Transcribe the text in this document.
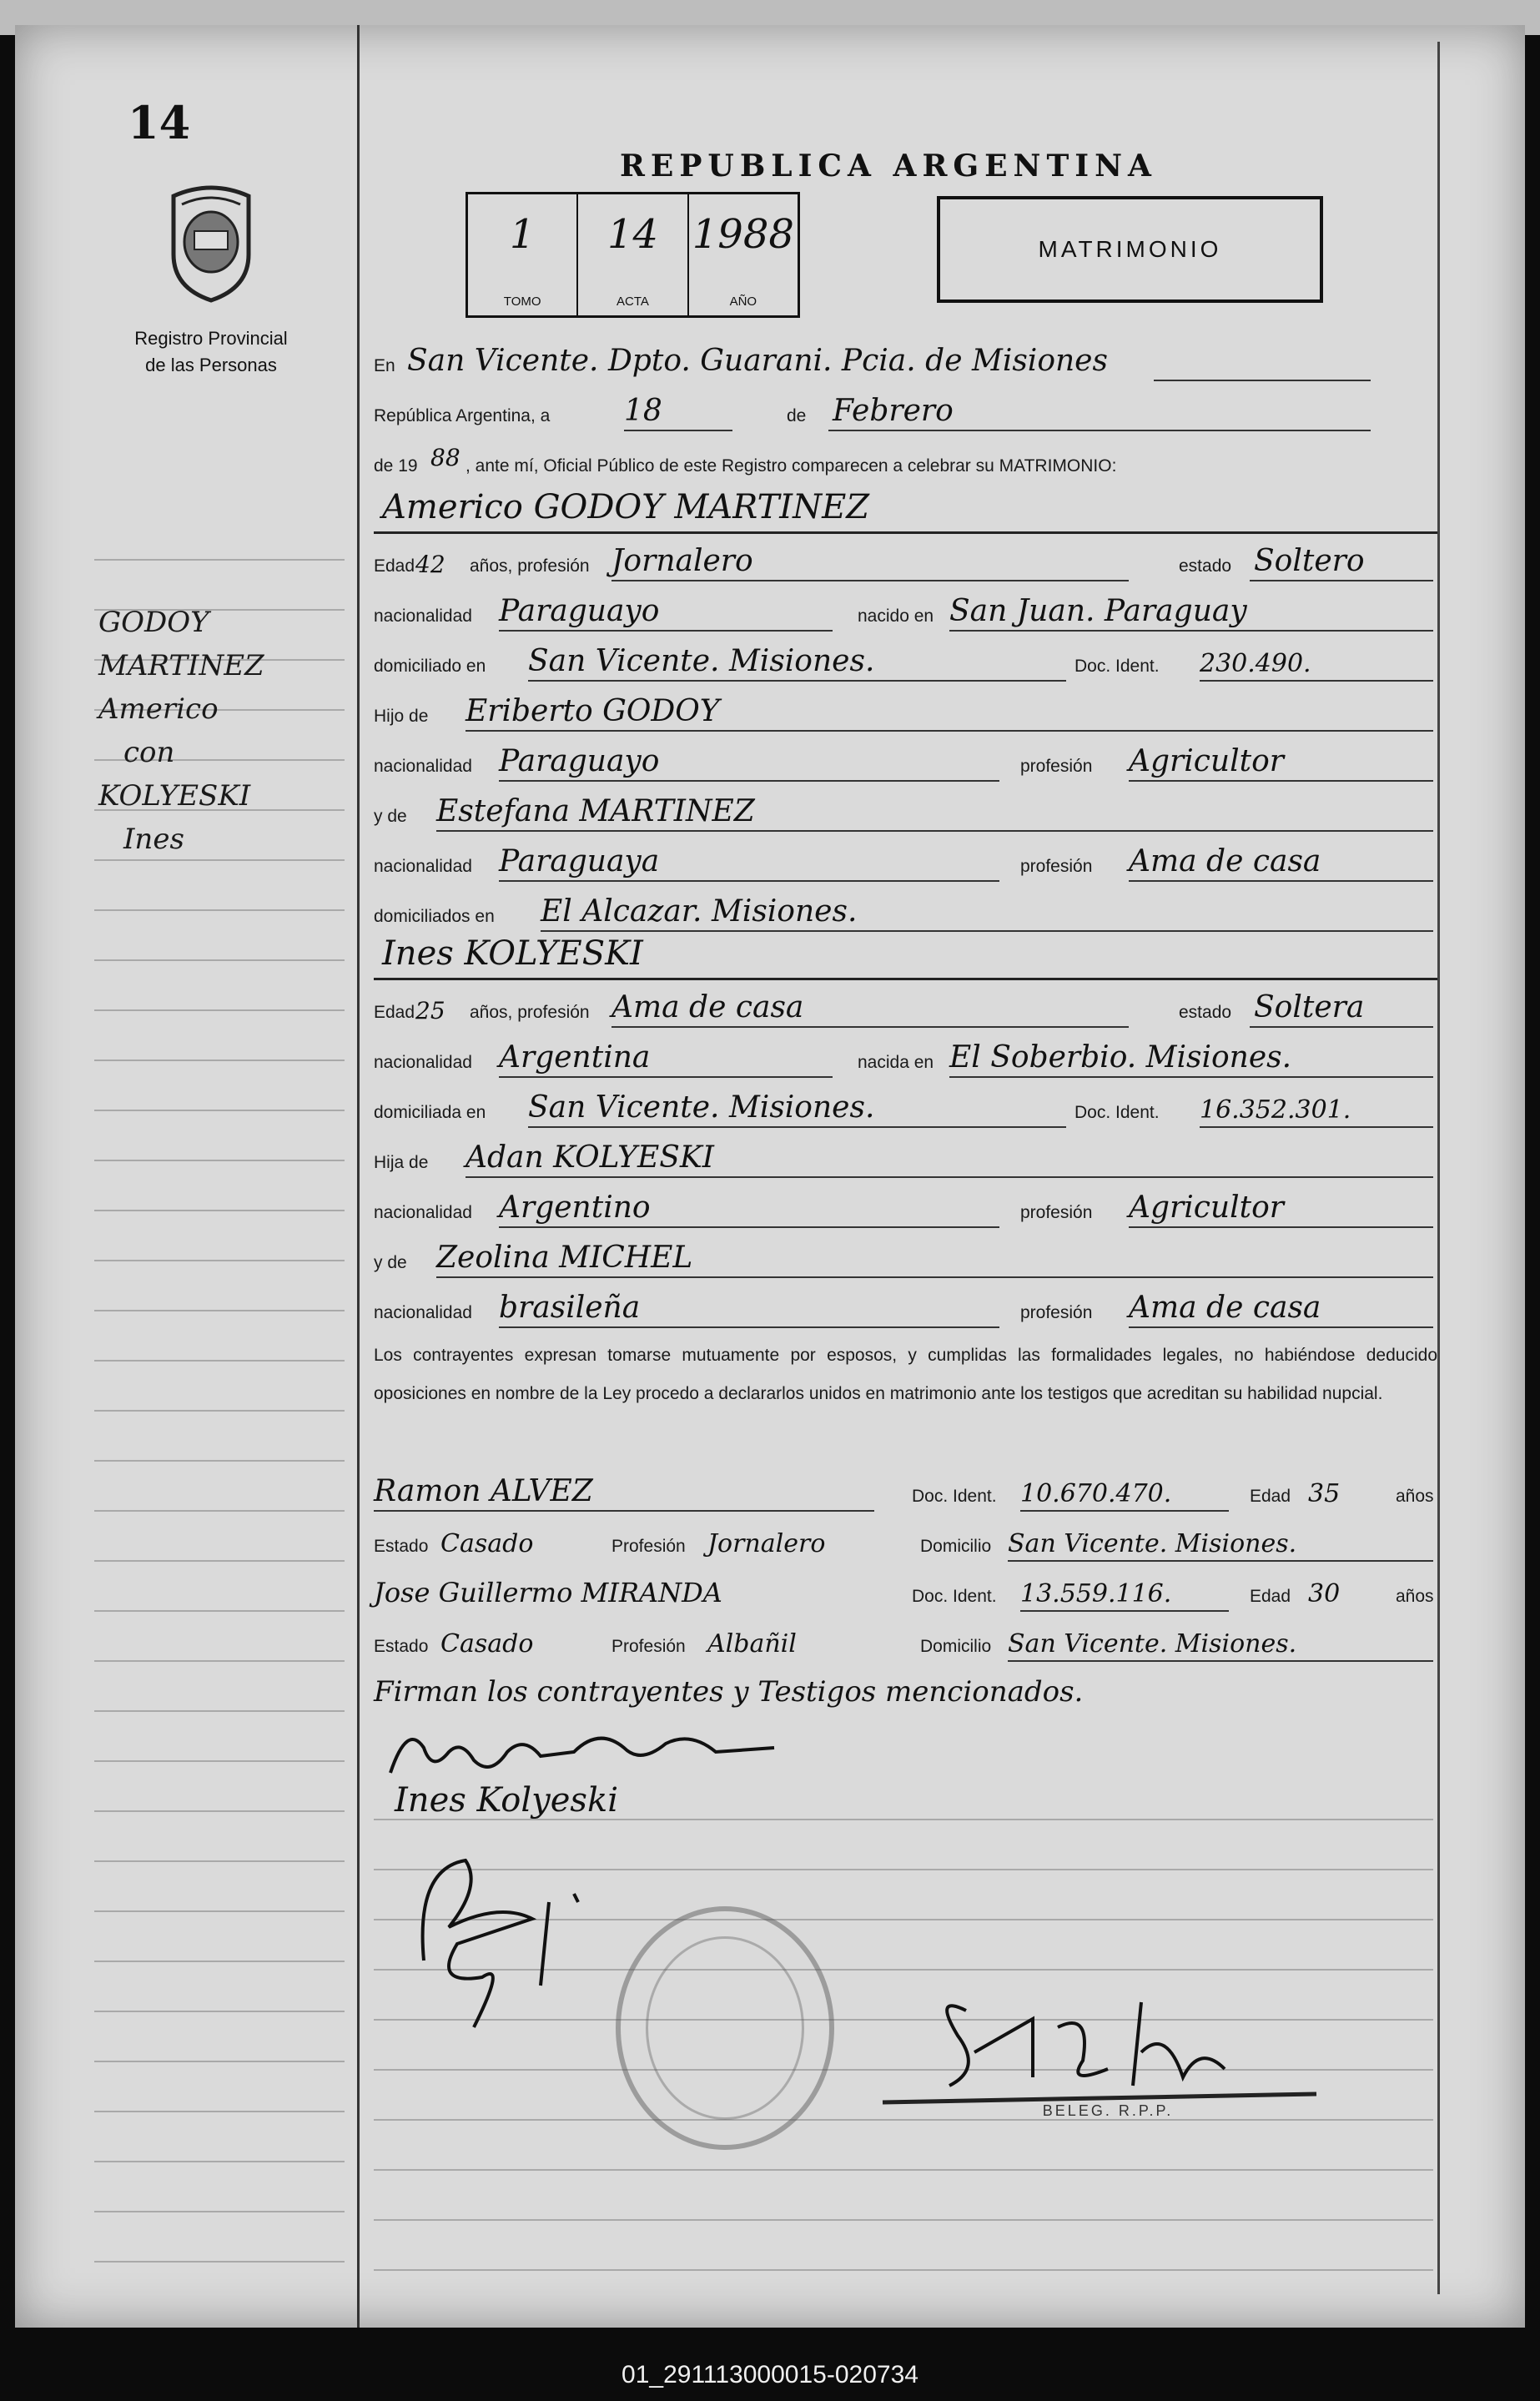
14
Registro Provincial
de las Personas
GODOY
MARTINEZ
Americo
con
KOLYESKI
Ines
REPUBLICA ARGENTINA
1
TOMO
14
ACTA
1988
AÑO
MATRIMONIO
En San Vicente. Dpto. Guarani. Pcia. de Misiones
República Argentina, a 18	de Febrero
de 19 88 , ante mí, Oficial Público de este Registro comparecen a celebrar su MATRIMONIO:
Americo GODOY MARTINEZ
Edad 42 años, profesión Jornalero	estado Soltero
nacionalidad Paraguayo	nacido en San Juan. Paraguay
domiciliado en San Vicente. Misiones.	Doc. Ident. 230.490.
Hijo de Eriberto GODOY
nacionalidad Paraguayo	profesión Agricultor
y de Estefana MARTINEZ
nacionalidad Paraguaya	profesión Ama de casa
domiciliados en El Alcazar. Misiones.
Ines KOLYESKI
Edad 25 años, profesión Ama de casa	estado Soltera
nacionalidad Argentina	nacida en El Soberbio. Misiones.
domiciliada en San Vicente. Misiones.	Doc. Ident. 16.352.301.
Hija de Adan KOLYESKI
nacionalidad Argentino	profesión Agricultor
y de Zeolina MICHEL
nacionalidad brasileña	profesión Ama de casa
Los contrayentes expresan tomarse mutuamente por esposos, y cumplidas las formalidades legales, no habiéndose deducido oposiciones en nombre de la Ley procedo a declararlos unidos en matrimonio ante los testigos que acreditan su habilidad nupcial.
Ramon ALVEZ	Doc. Ident. 10.670.470.	Edad 35	años
Estado Casado	Profesión Jornalero	Domicilio San Vicente. Misiones.
Jose Guillermo MIRANDA	Doc. Ident. 13.559.116.	Edad 30	años
Estado Casado	Profesión Albañil	Domicilio San Vicente. Misiones.
Firman los contrayentes y Testigos mencionados.
Ines Kolyeski
BELEG. R.P.P.
01_291113000015-020734
